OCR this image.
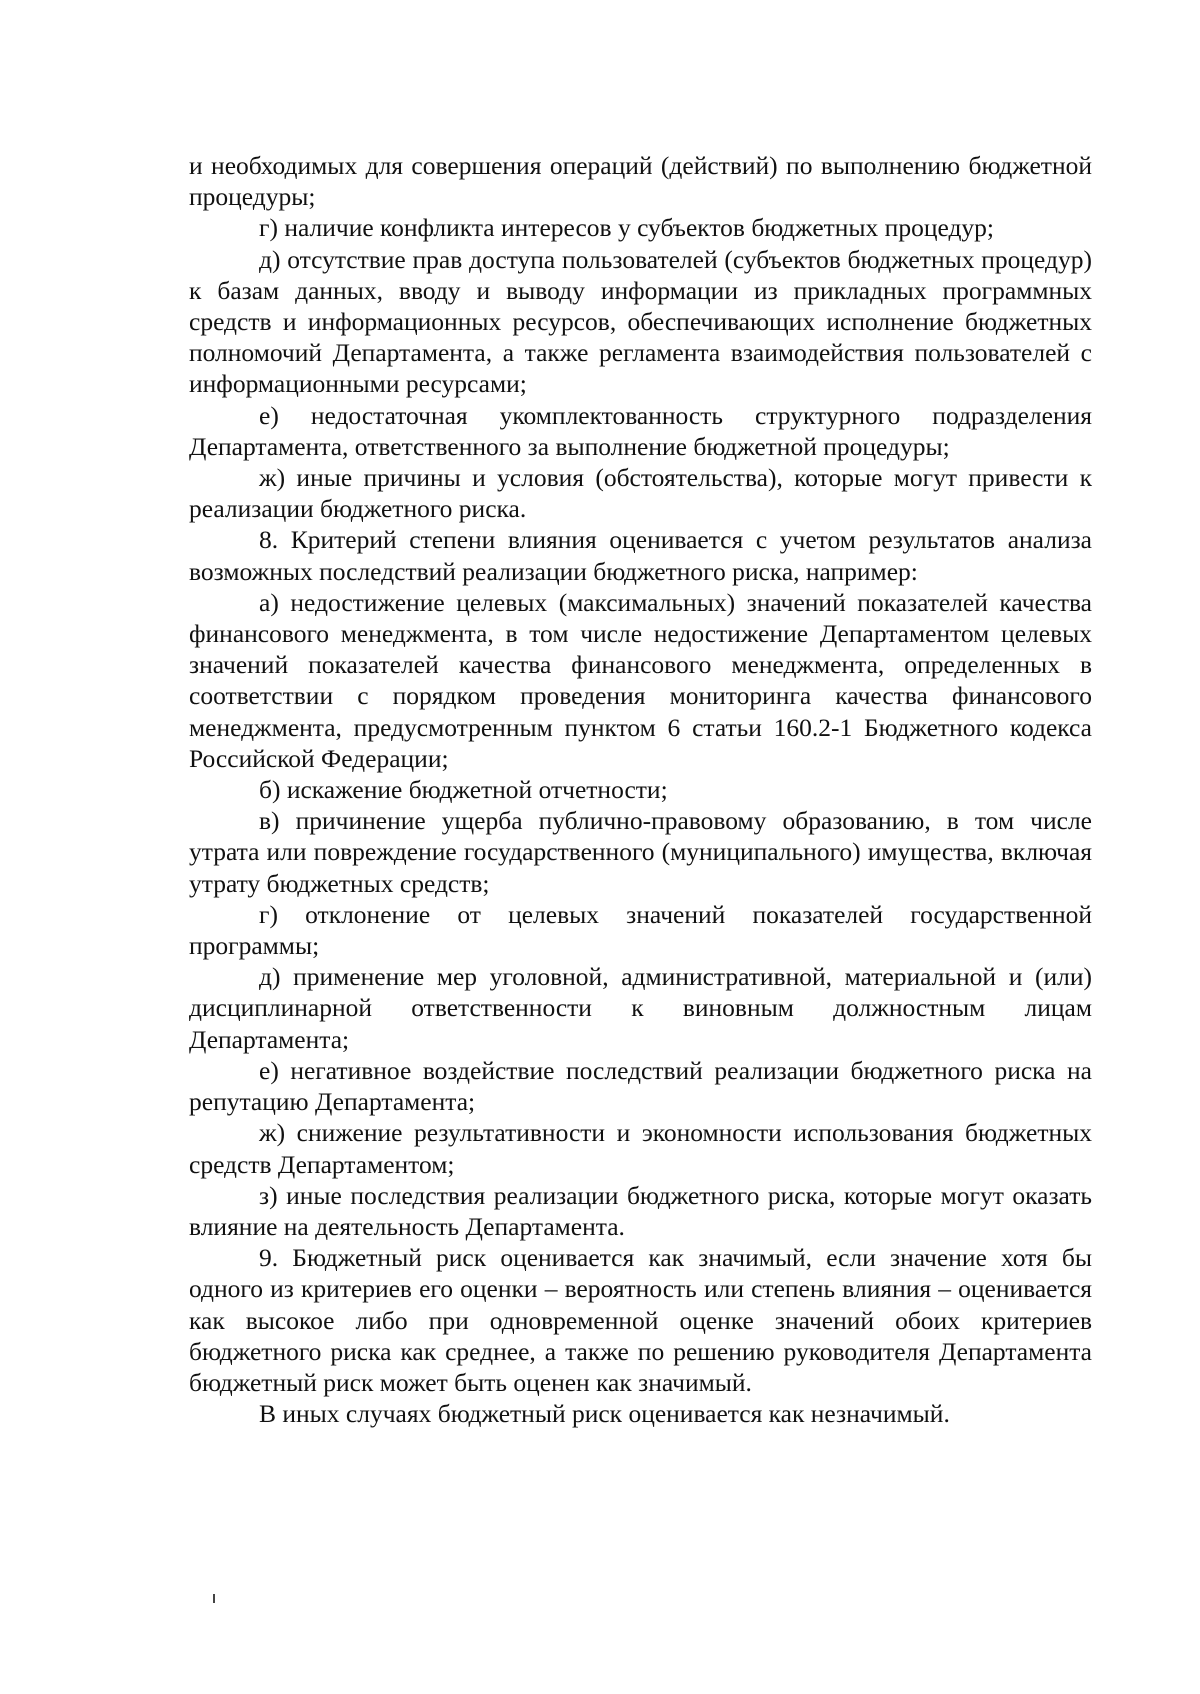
и необходимых для совершения операций (действий) по выполнению бюджетной процедуры;

г) наличие конфликта интересов у субъектов бюджетных процедур;

д) отсутствие прав доступа пользователей (субъектов бюджетных процедур) к базам данных, вводу и выводу информации из прикладных программных средств и информационных ресурсов, обеспечивающих исполнение бюджетных полномочий Департамента, а также регламента взаимодействия пользователей с информационными ресурсами;

е) недостаточная укомплектованность структурного подразделения Департамента, ответственного за выполнение бюджетной процедуры;

ж) иные причины и условия (обстоятельства), которые могут привести к реализации бюджетного риска.

8. Критерий степени влияния оценивается с учетом результатов анализа возможных последствий реализации бюджетного риска, например:

а) недостижение целевых (максимальных) значений показателей качества финансового менеджмента, в том числе недостижение Департаментом целевых значений показателей качества финансового менеджмента, определенных в соответствии с порядком проведения мониторинга качества финансового менеджмента, предусмотренным пунктом 6 статьи 160.2-1 Бюджетного кодекса Российской Федерации;

б) искажение бюджетной отчетности;

в) причинение ущерба публично-правовому образованию, в том числе утрата или повреждение государственного (муниципального) имущества, включая утрату бюджетных средств;

г) отклонение от целевых значений показателей государственной программы;

д) применение мер уголовной, административной, материальной и (или) дисциплинарной ответственности к виновным должностным лицам Департамента;

е) негативное воздействие последствий реализации бюджетного риска на репутацию Департамента;

ж) снижение результативности и экономности использования бюджетных средств Департаментом;

з) иные последствия реализации бюджетного риска, которые могут оказать влияние на деятельность Департамента.

9. Бюджетный риск оценивается как значимый, если значение хотя бы одного из критериев его оценки – вероятность или степень влияния – оценивается как высокое либо при одновременной оценке значений обоих критериев бюджетного риска как среднее, а также по решению руководителя Департамента бюджетный риск может быть оценен как значимый.

В иных случаях бюджетный риск оценивается как незначимый.
